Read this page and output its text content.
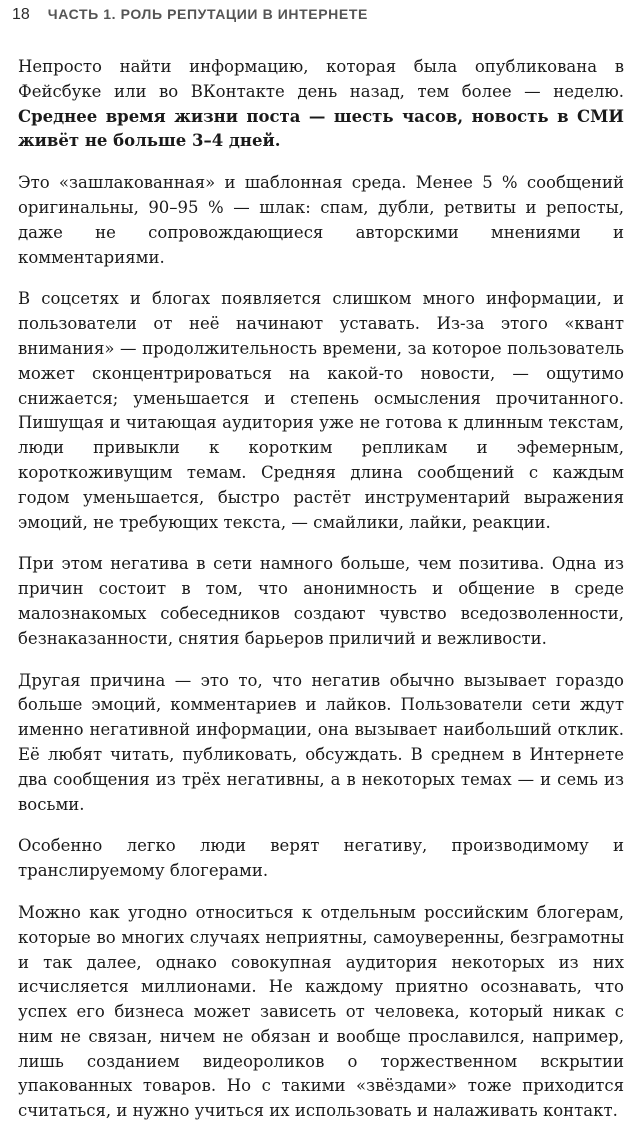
18 ЧАСТЬ 1. РОЛЬ РЕПУТАЦИИ В ИНТЕРНЕТЕ

Непросто найти информацию, которая была опубликована в Фейсбуке или во ВКонтакте день назад, тем более — неделю. Среднее время жизни поста — шесть часов, новость в СМИ живёт не больше 3–4 дней.

Это «зашлакованная» и шаблонная среда. Менее 5 % сообщений оригинальны, 90–95 % — шлак: спам, дубли, ретвиты и репосты, даже не сопровождающиеся авторскими мнениями и комментариями.

В соцсетях и блогах появляется слишком много информации, и пользователи от неё начинают уставать. Из-за этого «квант внимания» — продолжительность времени, за которое пользователь может сконцентрироваться на какой-то новости, — ощутимо снижается; уменьшается и степень осмысления прочитанного. Пишущая и читающая аудитория уже не готова к длинным текстам, люди привыкли к коротким репликам и эфемерным, короткоживущим темам. Средняя длина сообщений с каждым годом уменьшается, быстро растёт инструментарий выражения эмоций, не требующих текста, — смайлики, лайки, реакции.

При этом негатива в сети намного больше, чем позитива. Одна из причин состоит в том, что анонимность и общение в среде малознакомых собеседников создают чувство вседозволенности, безнаказанности, снятия барьеров приличий и вежливости.

Другая причина — это то, что негатив обычно вызывает гораздо больше эмоций, комментариев и лайков. Пользователи сети ждут именно негативной информации, она вызывает наибольший отклик. Её любят читать, публиковать, обсуждать. В среднем в Интернете два сообщения из трёх негативны, а в некоторых темах — и семь из восьми.

Особенно легко люди верят негативу, производимому и транслируемому блогерами.

Можно как угодно относиться к отдельным российским блогерам, которые во многих случаях неприятны, самоуверенны, безграмотны и так далее, однако совокупная аудитория некоторых из них исчисляется миллионами. Не каждому приятно осознавать, что успех его бизнеса может зависеть от человека, который никак с ним не связан, ничем не обязан и вообще прославился, например, лишь созданием видеороликов о торжественном вскрытии упакованных товаров. Но с такими «звёздами» тоже приходится считаться, и нужно учиться их использовать и налаживать контакт.
